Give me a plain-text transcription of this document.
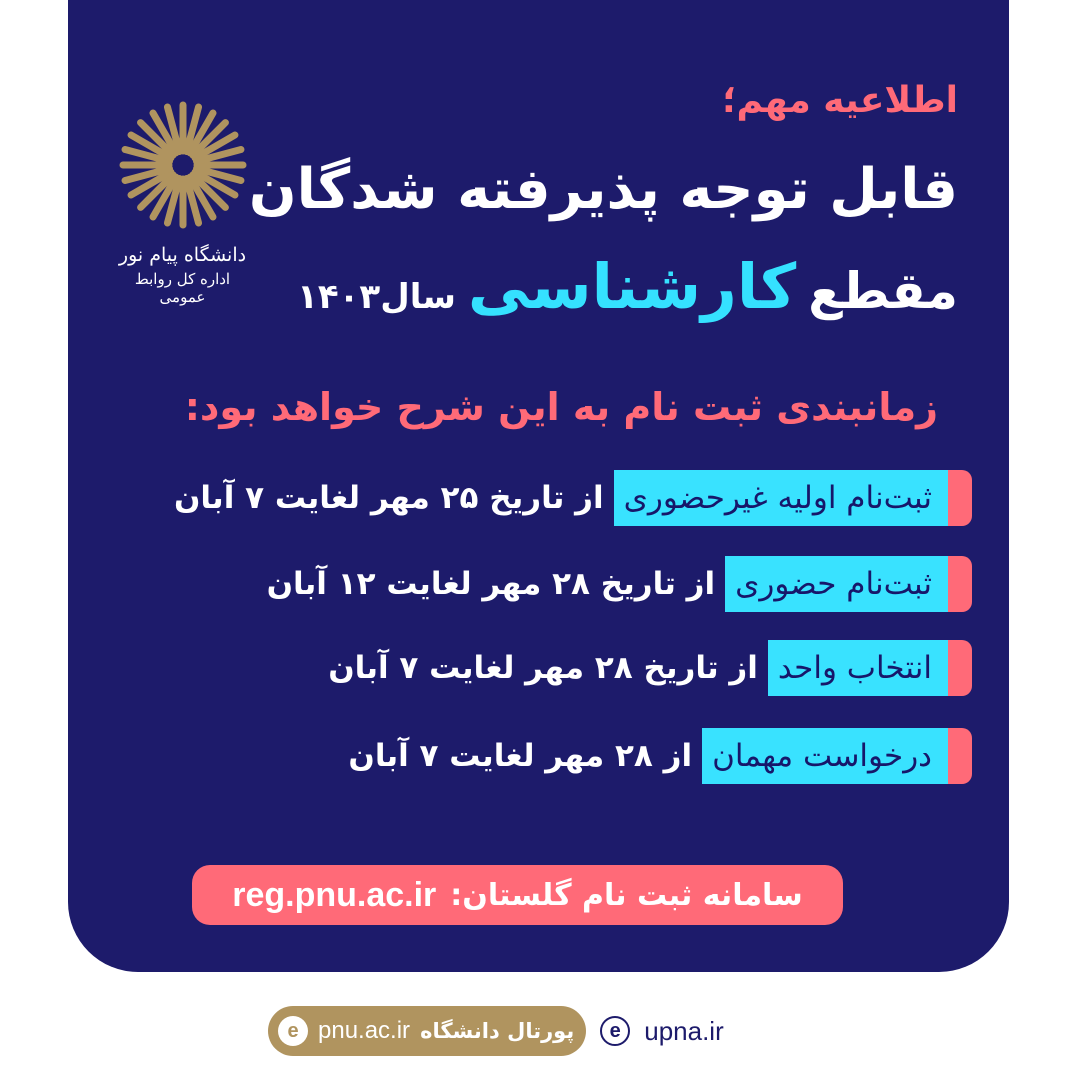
دانشگاه پیام نور
اداره کل روابط عمومی
اطلاعیه مهم؛
قابل توجه پذیرفته شدگان
مقطع
کارشناسی
سال۱۴۰۳
زمانبندی ثبت نام به این شرح خواهد بود:
ثبت‌نام اولیه غیرحضوری
از تاریخ ۲۵ مهر لغایت ۷ آبان
ثبت‌نام حضوری
از تاریخ ۲۸ مهر لغایت ۱۲ آبان
انتخاب واحد
از تاریخ ۲۸ مهر لغایت ۷ آبان
درخواست مهمان
از ۲۸ مهر لغایت ۷ آبان
سامانه ثبت نام گلستان:
reg.pnu.ac.ir
e pnu.ac.ir پورتال دانشگاه	e upna.ir
